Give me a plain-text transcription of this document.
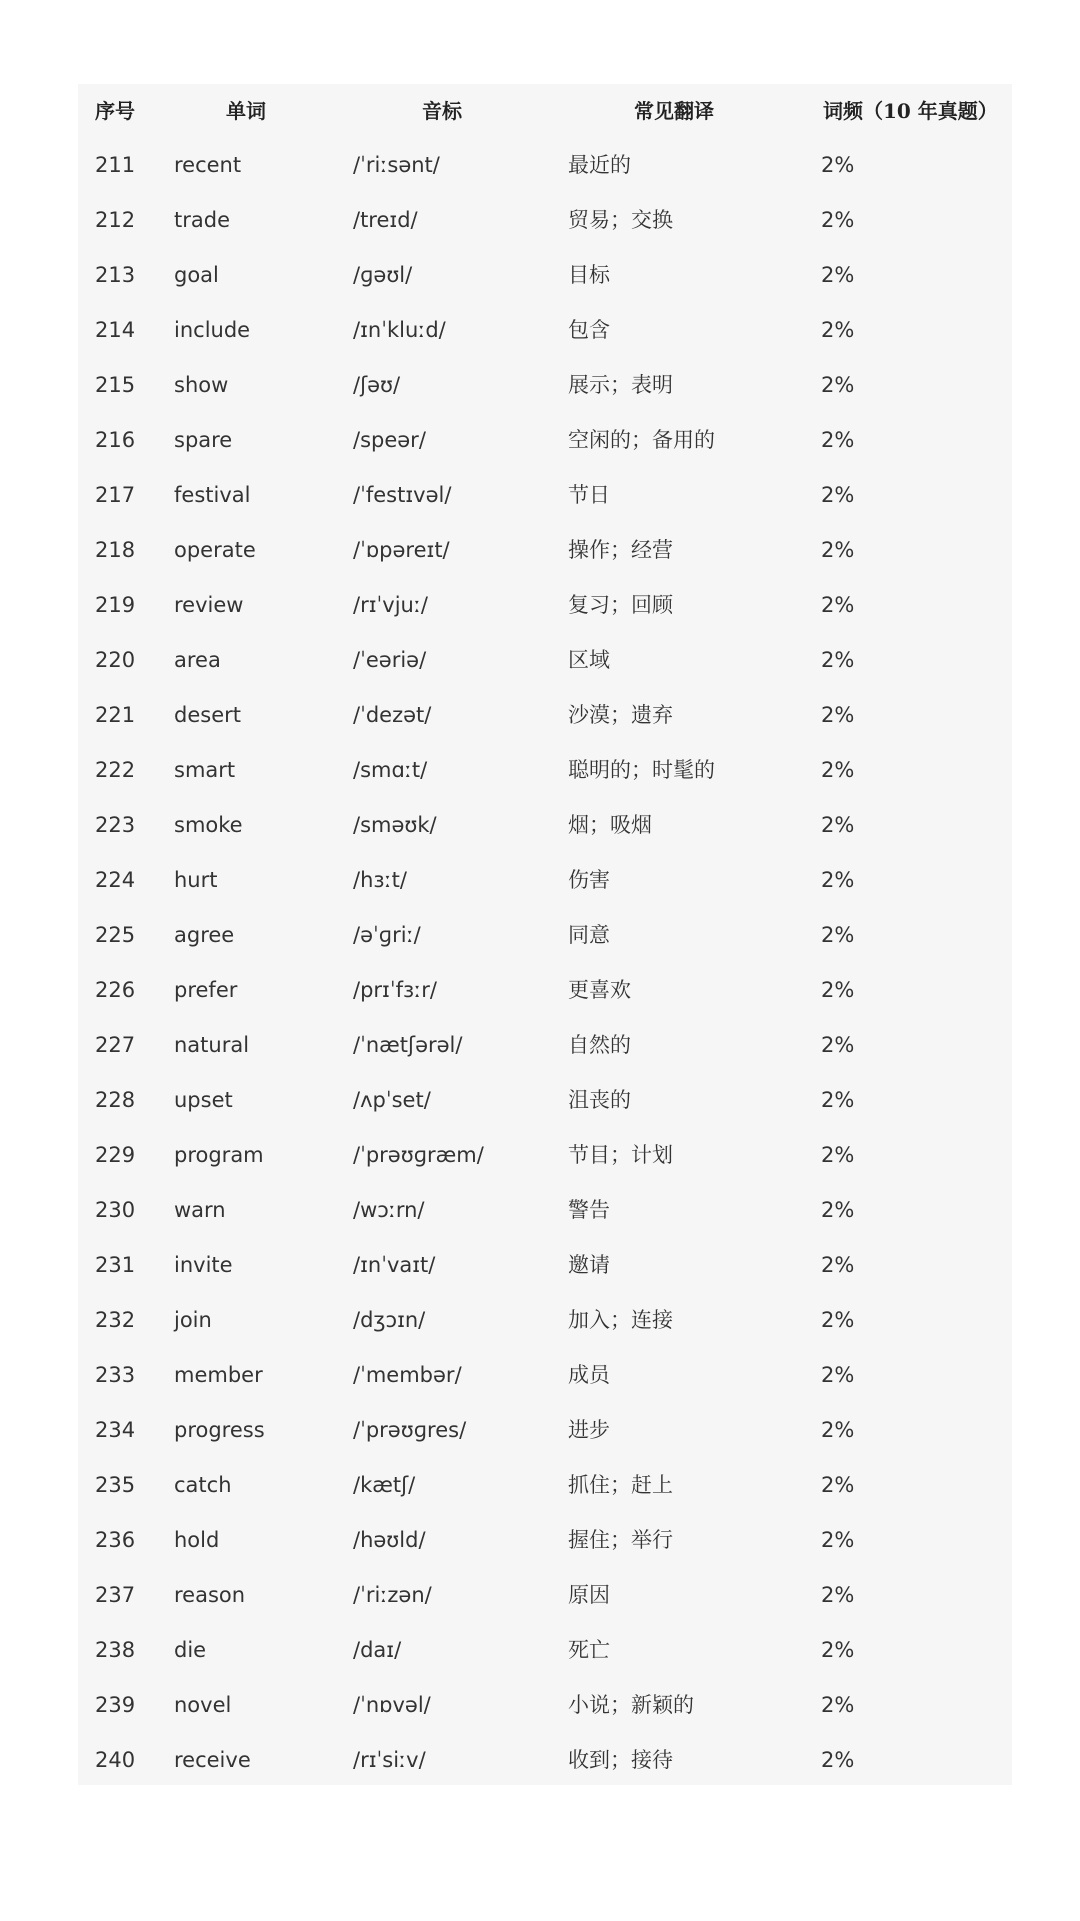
序号	单词	音标	常见翻译	词频（10 年真题）
211 recent	/ˈriːsənt/	最近的	2%
212 trade	/treɪd/	贸易；交换	2%
213 goal	/ɡəʊl/	目标	2%
214 include	/ɪnˈkluːd/	包含	2%
215 show	/ʃəʊ/	展示；表明	2%
216 spare	/speər/	空闲的；备用的	2%
217 festival	/ˈfestɪvəl/	节日	2%
218 operate	/ˈɒpəreɪt/	操作；经营	2%
219 review	/rɪˈvjuː/	复习；回顾	2%
220 area	/ˈeəriə/	区域	2%
221 desert	/ˈdezət/	沙漠；遗弃	2%
222 smart	/smɑːt/	聪明的；时髦的	2%
223 smoke	/sməʊk/	烟；吸烟	2%
224 hurt	/hɜːt/	伤害	2%
225 agree	/əˈɡriː/	同意	2%
226 prefer	/prɪˈfɜːr/	更喜欢	2%
227 natural	/ˈnætʃərəl/	自然的	2%
228 upset	/ʌpˈset/	沮丧的	2%
229 program	/ˈprəʊɡræm/	节目；计划	2%
230 warn	/wɔːrn/	警告	2%
231 invite	/ɪnˈvaɪt/	邀请	2%
232 join	/dʒɔɪn/	加入；连接	2%
233 member	/ˈmembər/	成员	2%
234 progress	/ˈprəʊɡres/	进步	2%
235 catch	/kætʃ/	抓住；赶上	2%
236 hold	/həʊld/	握住；举行	2%
237 reason	/ˈriːzən/	原因	2%
238 die	/daɪ/	死亡	2%
239 novel	/ˈnɒvəl/	小说；新颖的	2%
240 receive	/rɪˈsiːv/	收到；接待	2%
